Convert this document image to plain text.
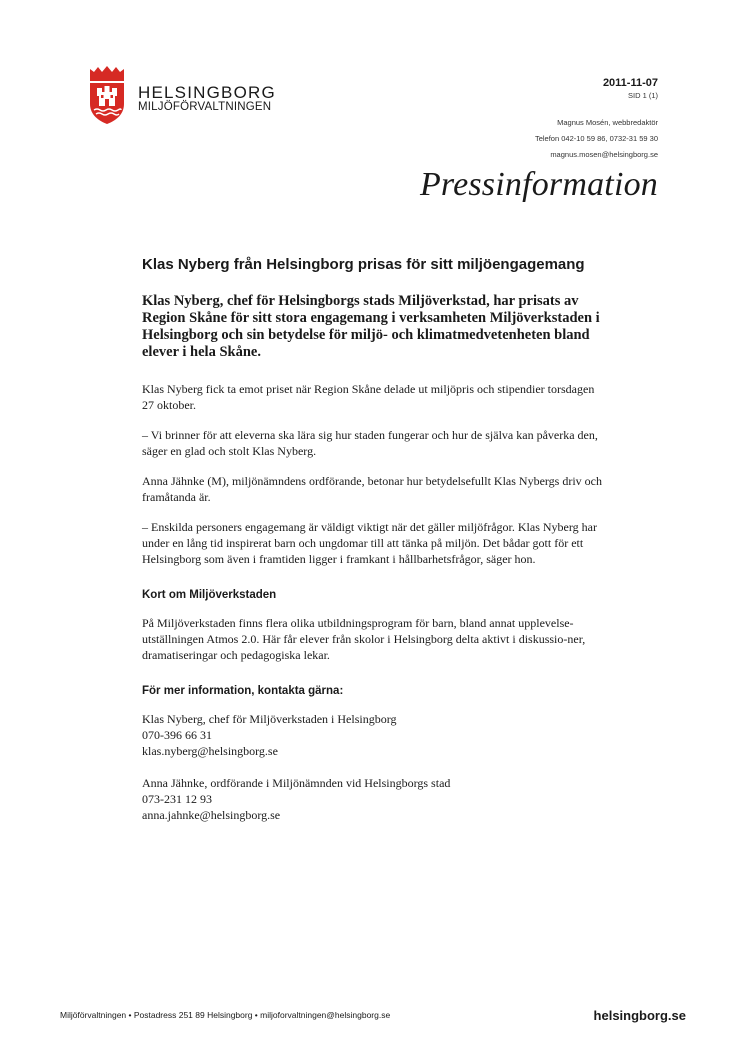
HELSINGBORG
MILJÖFÖRVALTNINGEN
2011-11-07
SID 1 (1)
Magnus Mosén, webbredaktör
Telefon 042-10 59 86, 0732-31 59 30
magnus.mosen@helsingborg.se
Pressinformation
Klas Nyberg från Helsingborg prisas för sitt miljöengagemang
Klas Nyberg, chef för Helsingborgs stads Miljöverkstad, har prisats av Region Skåne för sitt stora engagemang i verksamheten Miljöverkstaden i Helsingborg och sin betydelse för miljö- och klimatmedvetenheten bland elever i hela Skåne.
Klas Nyberg fick ta emot priset när Region Skåne delade ut miljöpris och stipendier torsdagen 27 oktober.
– Vi brinner för att eleverna ska lära sig hur staden fungerar och hur de själva kan påverka den, säger en glad och stolt Klas Nyberg.
Anna Jähnke (M), miljönämndens ordförande, betonar hur betydelsefullt Klas Nybergs driv och framåtanda är.
– Enskilda personers engagemang är väldigt viktigt när det gäller miljöfrågor. Klas Nyberg har under en lång tid inspirerat barn och ungdomar till att tänka på miljön. Det bådar gott för ett Helsingborg som även i framtiden ligger i framkant i hållbarhetsfrågor, säger hon.
Kort om Miljöverkstaden
På Miljöverkstaden finns flera olika utbildningsprogram för barn, bland annat upplevelse-utställningen Atmos 2.0. Här får elever från skolor i Helsingborg delta aktivt i diskussio-ner, dramatiseringar och pedagogiska lekar.
För mer information, kontakta gärna:
Klas Nyberg, chef för Miljöverkstaden i Helsingborg
070-396 66 31
klas.nyberg@helsingborg.se
Anna Jähnke, ordförande i Miljönämnden vid Helsingborgs stad
073-231 12 93
anna.jahnke@helsingborg.se
Miljöförvaltningen • Postadress 251 89 Helsingborg • miljoforvaltningen@helsingborg.se	helsingborg.se
